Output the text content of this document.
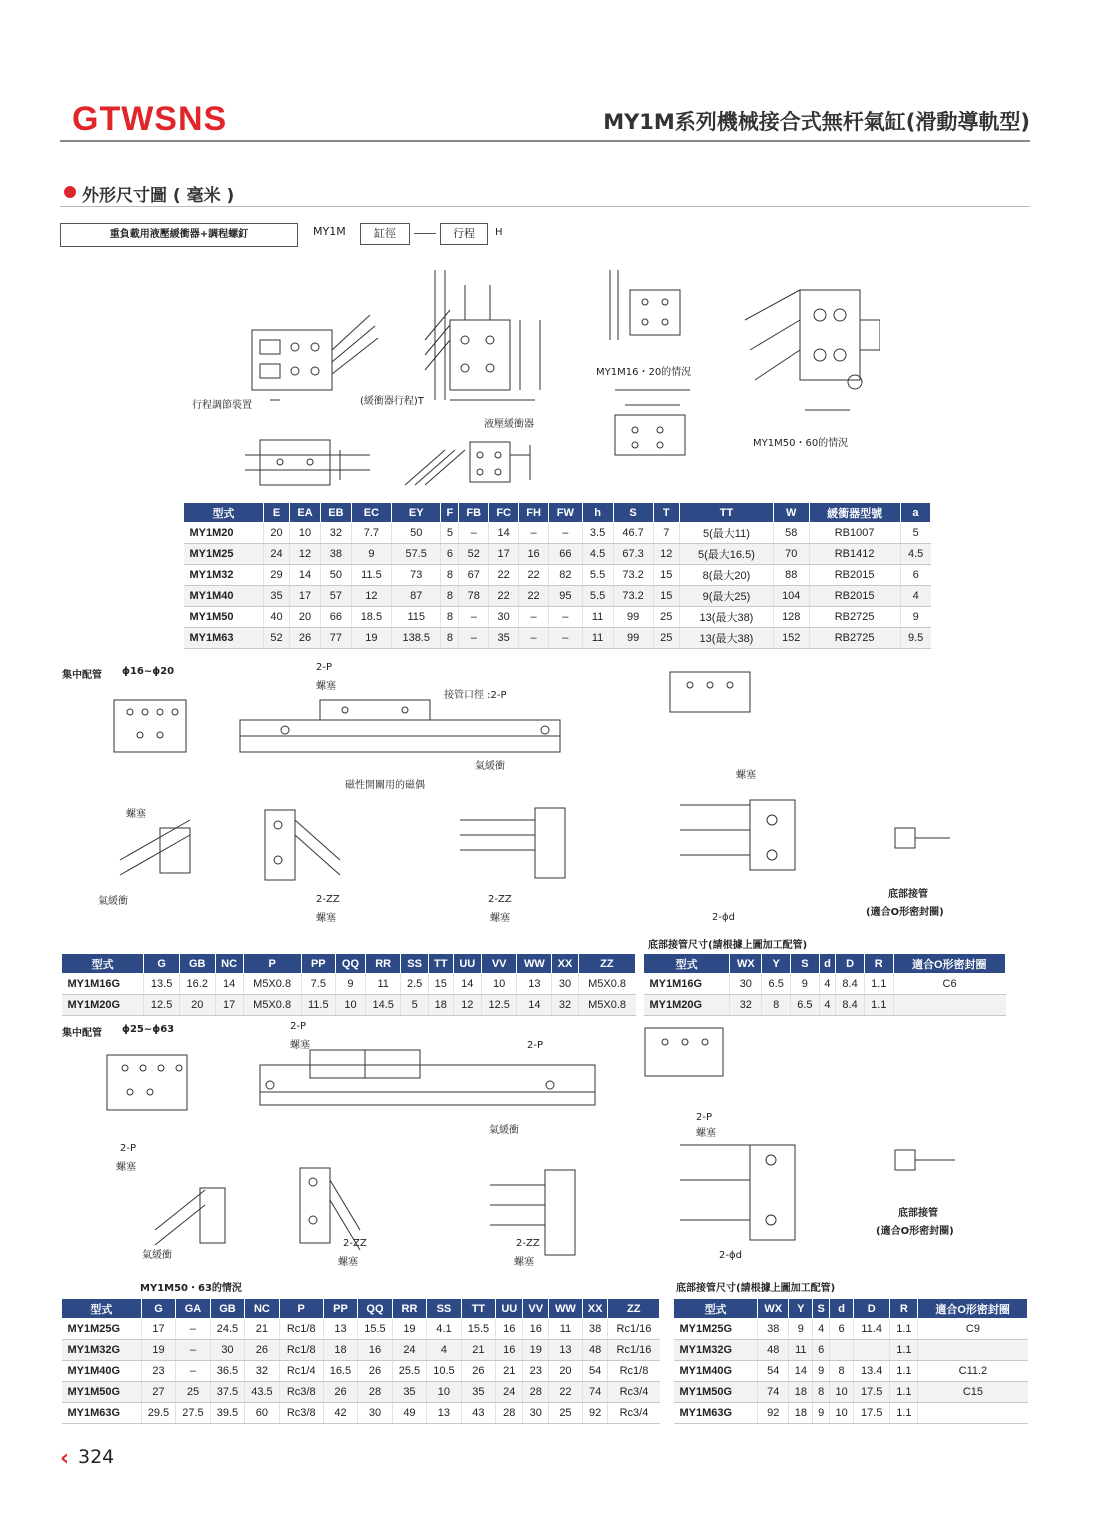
GTWSNS	MY1M系列機械接合式無杆氣缸(滑動導軌型)
外形尺寸圖 ( 毫米 )
重負載用液壓緩衝器+調程螺釘	MY1M	缸徑	行程	H
行程調節裝置	(緩衝器行程)T
液壓緩衝器
MY1M16・20的情況
MY1M50・60的情況
型式	E	EA	EB	EC	EY	F	FB	FC	FH	FW	h	S	T	TT	W	緩衝器型號	a
MY1M20	20	10	32	7.7	50	5	–	14	–	–	3.5	46.7	7	5(最大11)	58	RB1007	5
MY1M25	24	12	38	9	57.5	6	52	17	16	66	4.5	67.3	12	5(最大16.5)	70	RB1412	4.5
MY1M32	29	14	50	11.5	73	8	67	22	22	82	5.5	73.2	15	8(最大20)	88	RB2015	6
MY1M40	35	17	57	12	87	8	78	22	22	95	5.5	73.2	15	9(最大25)	104	RB2015	4
MY1M50	40	20	66	18.5	115	8	–	30	–	–	11	99	25	13(最大38)	128	RB2725	9
MY1M63	52	26	77	19	138.5	8	–	35	–	–	11	99	25	13(最大38)	152	RB2725	9.5
集中配管 ϕ16~ϕ20	2-P
螺塞
接管口徑 :2-P
氣緩衝
磁性開關用的磁偶
螺塞
氣緩衝	2-ZZ
螺塞
2-ZZ
螺塞
螺塞
2-ϕd
底部接管
(適合O形密封圈)
底部接管尺寸(請根據上圖加工配管)
型式	G	GB	NC	P	PP	QQ	RR	SS	TT	UU	VV	WW	XX	ZZ
MY1M16G	13.5	16.2	14	M5X0.8	7.5	9	11	2.5	15	14	10	13	30	M5X0.8
MY1M20G	12.5	20	17	M5X0.8	11.5	10	14.5	5	18	12	12.5	14	32	M5X0.8
型式	WX	Y	S	d	D	R	適合O形密封圈
MY1M16G	30	6.5	9	4	8.4	1.1	C6
MY1M20G	32	8	6.5	4	8.4	1.1	
集中配管 ϕ25~ϕ63	2-P
螺塞	2-P
氣緩衝
2-P
螺塞
氣緩衝
2-ZZ
螺塞
2-ZZ
螺塞
2-P
螺塞
2-ϕd
底部接管
(適合O形密封圈)
MY1M50・63的情況	底部接管尺寸(請根據上圖加工配管)
型式	G	GA	GB	NC	P	PP	QQ	RR	SS	TT	UU	VV	WW	XX	ZZ
MY1M25G	17	–	24.5	21	Rc1/8	13	15.5	19	4.1	15.5	16	16	11	38	Rc1/16
MY1M32G	19	–	30	26	Rc1/8	18	16	24	4	21	16	19	13	48	Rc1/16
MY1M40G	23	–	36.5	32	Rc1/4	16.5	26	25.5	10.5	26	21	23	20	54	Rc1/8
MY1M50G	27	25	37.5	43.5	Rc3/8	26	28	35	10	35	24	28	22	74	Rc3/4
MY1M63G	29.5	27.5	39.5	60	Rc3/8	42	30	49	13	43	28	30	25	92	Rc3/4
型式	WX	Y	S	d	D	R	適合O形密封圈
MY1M25G	38	9	4	6	11.4	1.1	C9
MY1M32G	48	11	6			1.1	
MY1M40G	54	14	9	8	13.4	1.1	C11.2
MY1M50G	74	18	8	10	17.5	1.1	C15
MY1M63G	92	18	9	10	17.5	1.1	
‹ 324
